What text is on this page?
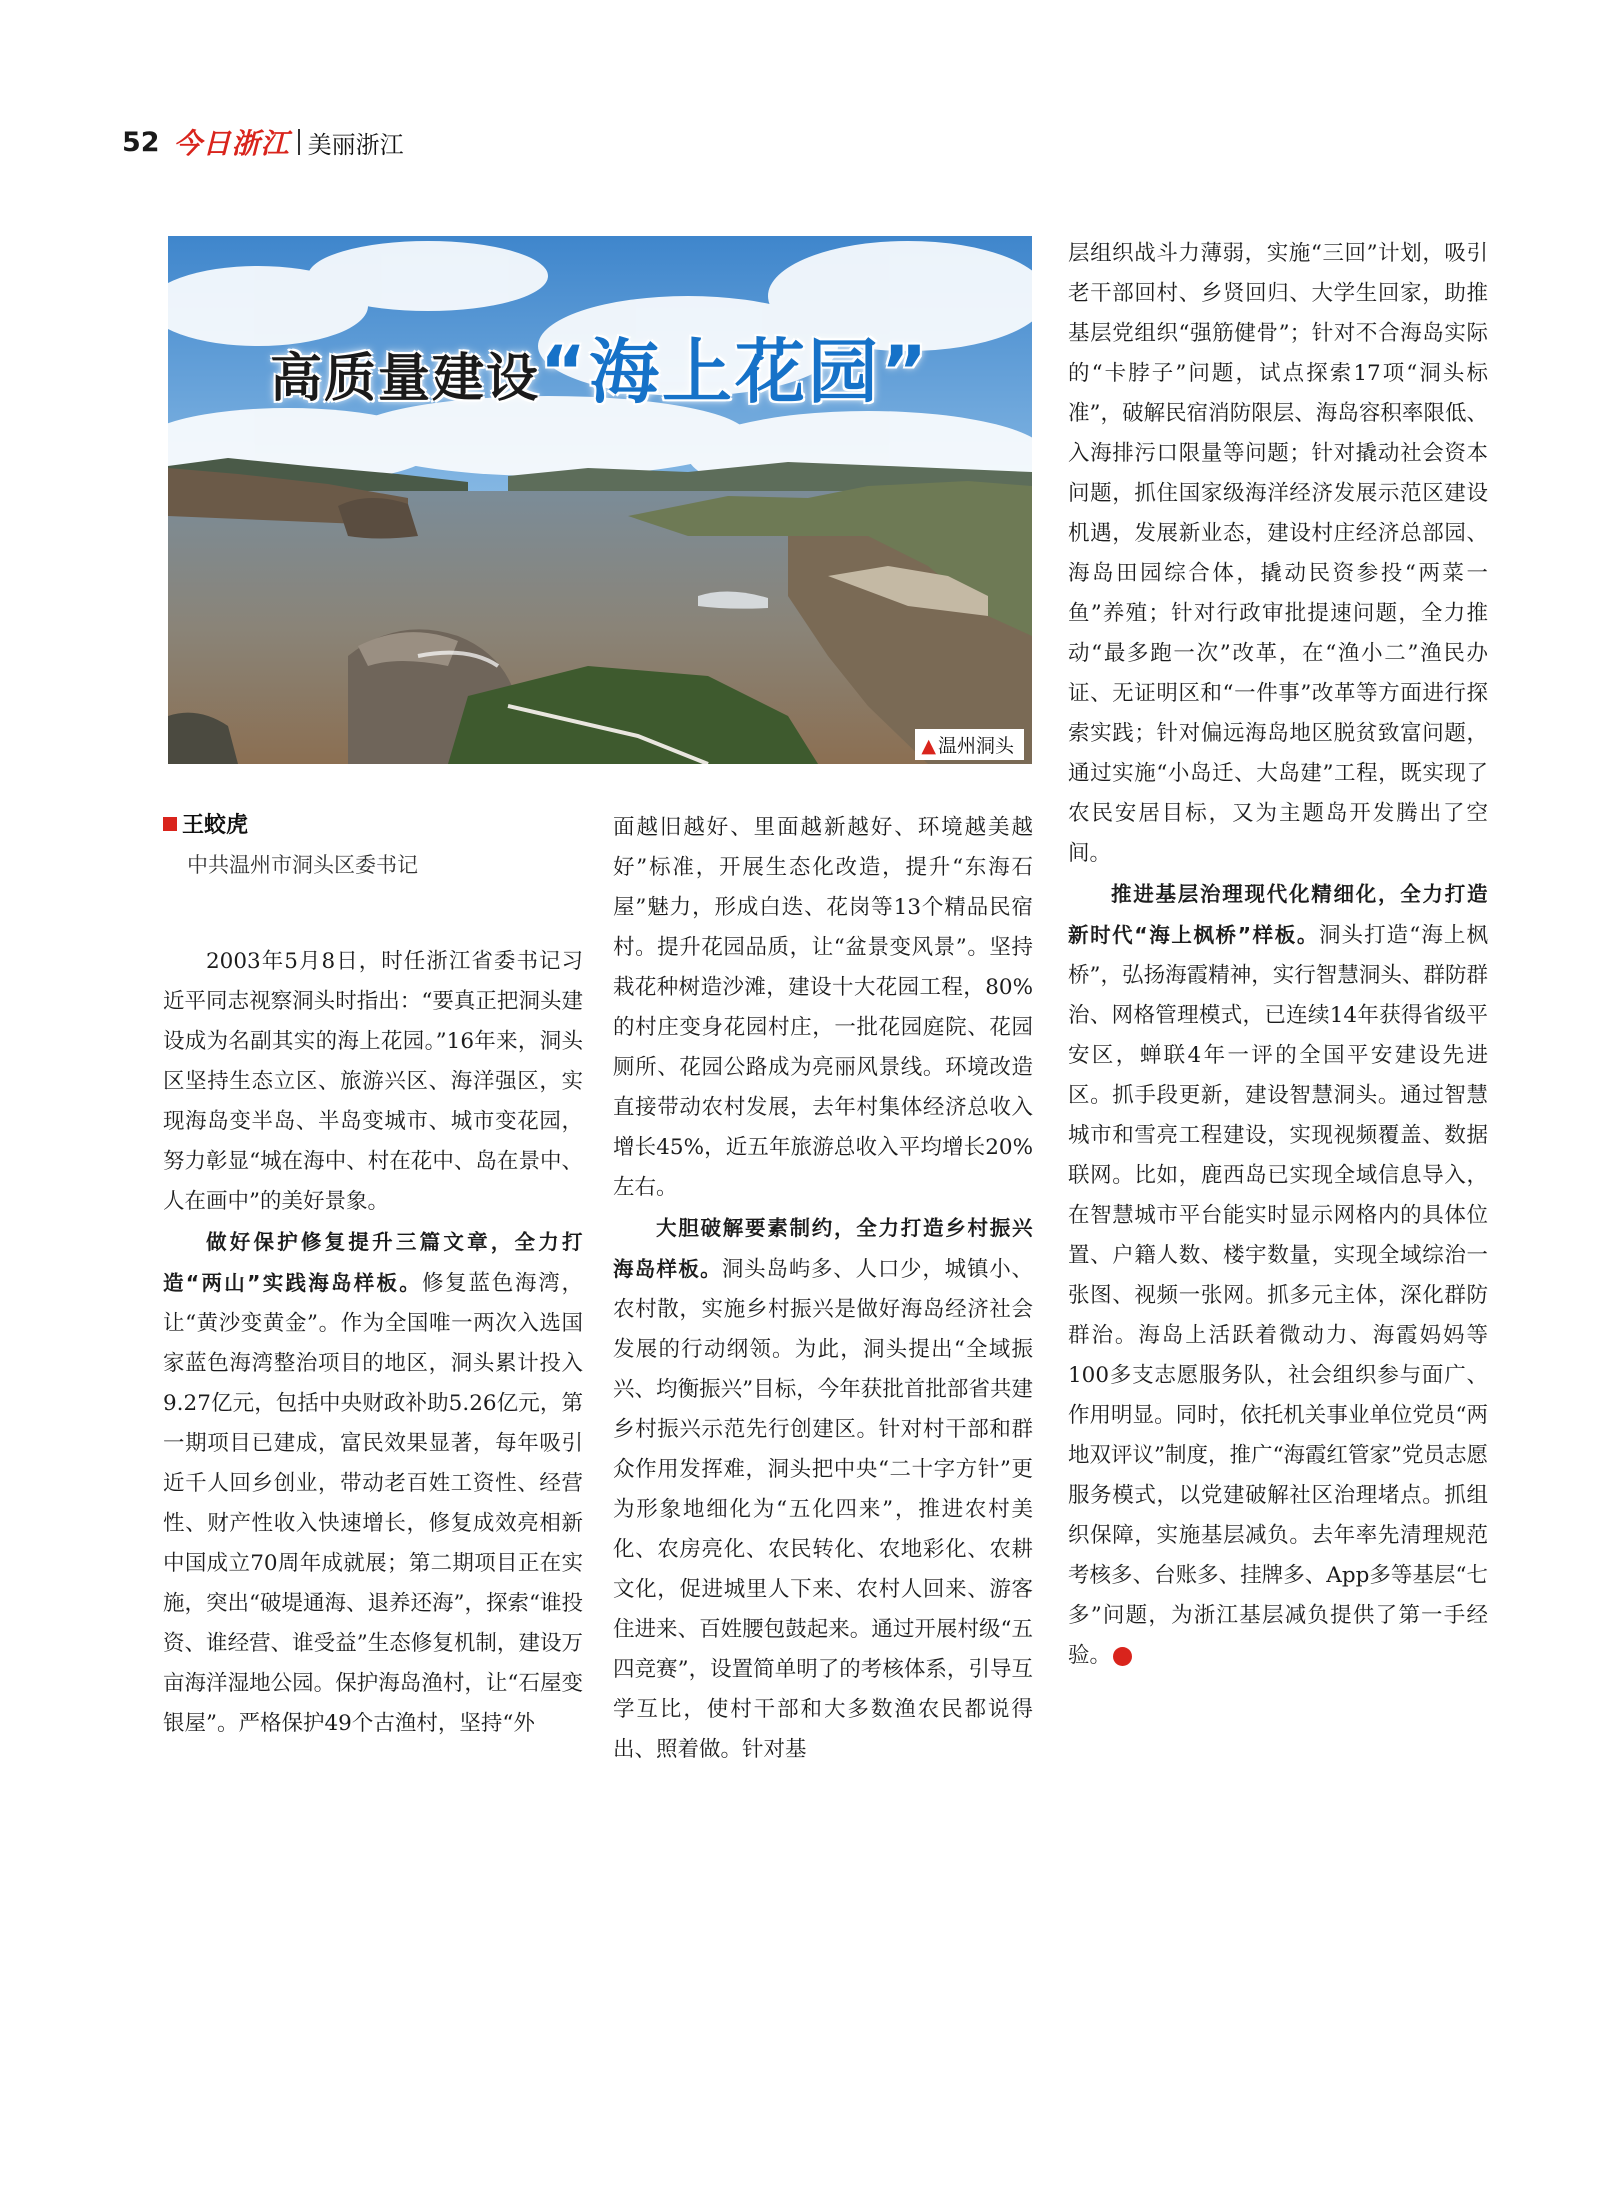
52 今日浙江 美丽浙江
高质量建设“海上花园”
▲ 温州洞头
王蛟虎
中共温州市洞头区委书记

2003年5月8日，时任浙江省委书记习近平同志视察洞头时指出：“要真正把洞头建设成为名副其实的海上花园。”16年来，洞头区坚持生态立区、旅游兴区、海洋强区，实现海岛变半岛、半岛变城市、城市变花园，努力彰显“城在海中、村在花中、岛在景中、人在画中”的美好景象。

做好保护修复提升三篇文章，全力打造“两山”实践海岛样板。修复蓝色海湾，让“黄沙变黄金”。作为全国唯一两次入选国家蓝色海湾整治项目的地区，洞头累计投入9.27亿元，包括中央财政补助5.26亿元，第一期项目已建成，富民效果显著，每年吸引近千人回乡创业，带动老百姓工资性、经营性、财产性收入快速增长，修复成效亮相新中国成立70周年成就展；第二期项目正在实施，突出“破堤通海、退养还海”，探索“谁投资、谁经营、谁受益”生态修复机制，建设万亩海洋湿地公园。保护海岛渔村，让“石屋变银屋”。严格保护49个古渔村，坚持“外

面越旧越好、里面越新越好、环境越美越好”标准，开展生态化改造，提升“东海石屋”魅力，形成白迭、花岗等13个精品民宿村。提升花园品质，让“盆景变风景”。坚持栽花种树造沙滩，建设十大花园工程，80%的村庄变身花园村庄，一批花园庭院、花园厕所、花园公路成为亮丽风景线。环境改造直接带动农村发展，去年村集体经济总收入增长45%，近五年旅游总收入平均增长20%左右。

大胆破解要素制约，全力打造乡村振兴海岛样板。洞头岛屿多、人口少，城镇小、农村散，实施乡村振兴是做好海岛经济社会发展的行动纲领。为此，洞头提出“全域振兴、均衡振兴”目标，今年获批首批部省共建乡村振兴示范先行创建区。针对村干部和群众作用发挥难，洞头把中央“二十字方针”更为形象地细化为“五化四来”，推进农村美化、农房亮化、农民转化、农地彩化、农耕文化，促进城里人下来、农村人回来、游客住进来、百姓腰包鼓起来。通过开展村级“五四竞赛”，设置简单明了的考核体系，引导互学互比，使村干部和大多数渔农民都说得出、照着做。针对基

层组织战斗力薄弱，实施“三回”计划，吸引老干部回村、乡贤回归、大学生回家，助推基层党组织“强筋健骨”；针对不合海岛实际的“卡脖子”问题，试点探索17项“洞头标准”，破解民宿消防限层、海岛容积率限低、入海排污口限量等问题；针对撬动社会资本问题，抓住国家级海洋经济发展示范区建设机遇，发展新业态，建设村庄经济总部园、海岛田园综合体，撬动民资参投“两菜一鱼”养殖；针对行政审批提速问题，全力推动“最多跑一次”改革，在“渔小二”渔民办证、无证明区和“一件事”改革等方面进行探索实践；针对偏远海岛地区脱贫致富问题，通过实施“小岛迁、大岛建”工程，既实现了农民安居目标，又为主题岛开发腾出了空间。

推进基层治理现代化精细化，全力打造新时代“海上枫桥”样板。洞头打造“海上枫桥”，弘扬海霞精神，实行智慧洞头、群防群治、网格管理模式，已连续14年获得省级平安区，蝉联4年一评的全国平安建设先进区。抓手段更新，建设智慧洞头。通过智慧城市和雪亮工程建设，实现视频覆盖、数据联网。比如，鹿西岛已实现全域信息导入，在智慧城市平台能实时显示网格内的具体位置、户籍人数、楼宇数量，实现全域综治一张图、视频一张网。抓多元主体，深化群防群治。海岛上活跃着微动力、海霞妈妈等100多支志愿服务队，社会组织参与面广、作用明显。同时，依托机关事业单位党员“两地双评议”制度，推广“海霞红管家”党员志愿服务模式，以党建破解社区治理堵点。抓组织保障，实施基层减负。去年率先清理规范考核多、台账多、挂牌多、App多等基层“七多”问题，为浙江基层减负提供了第一手经验。
